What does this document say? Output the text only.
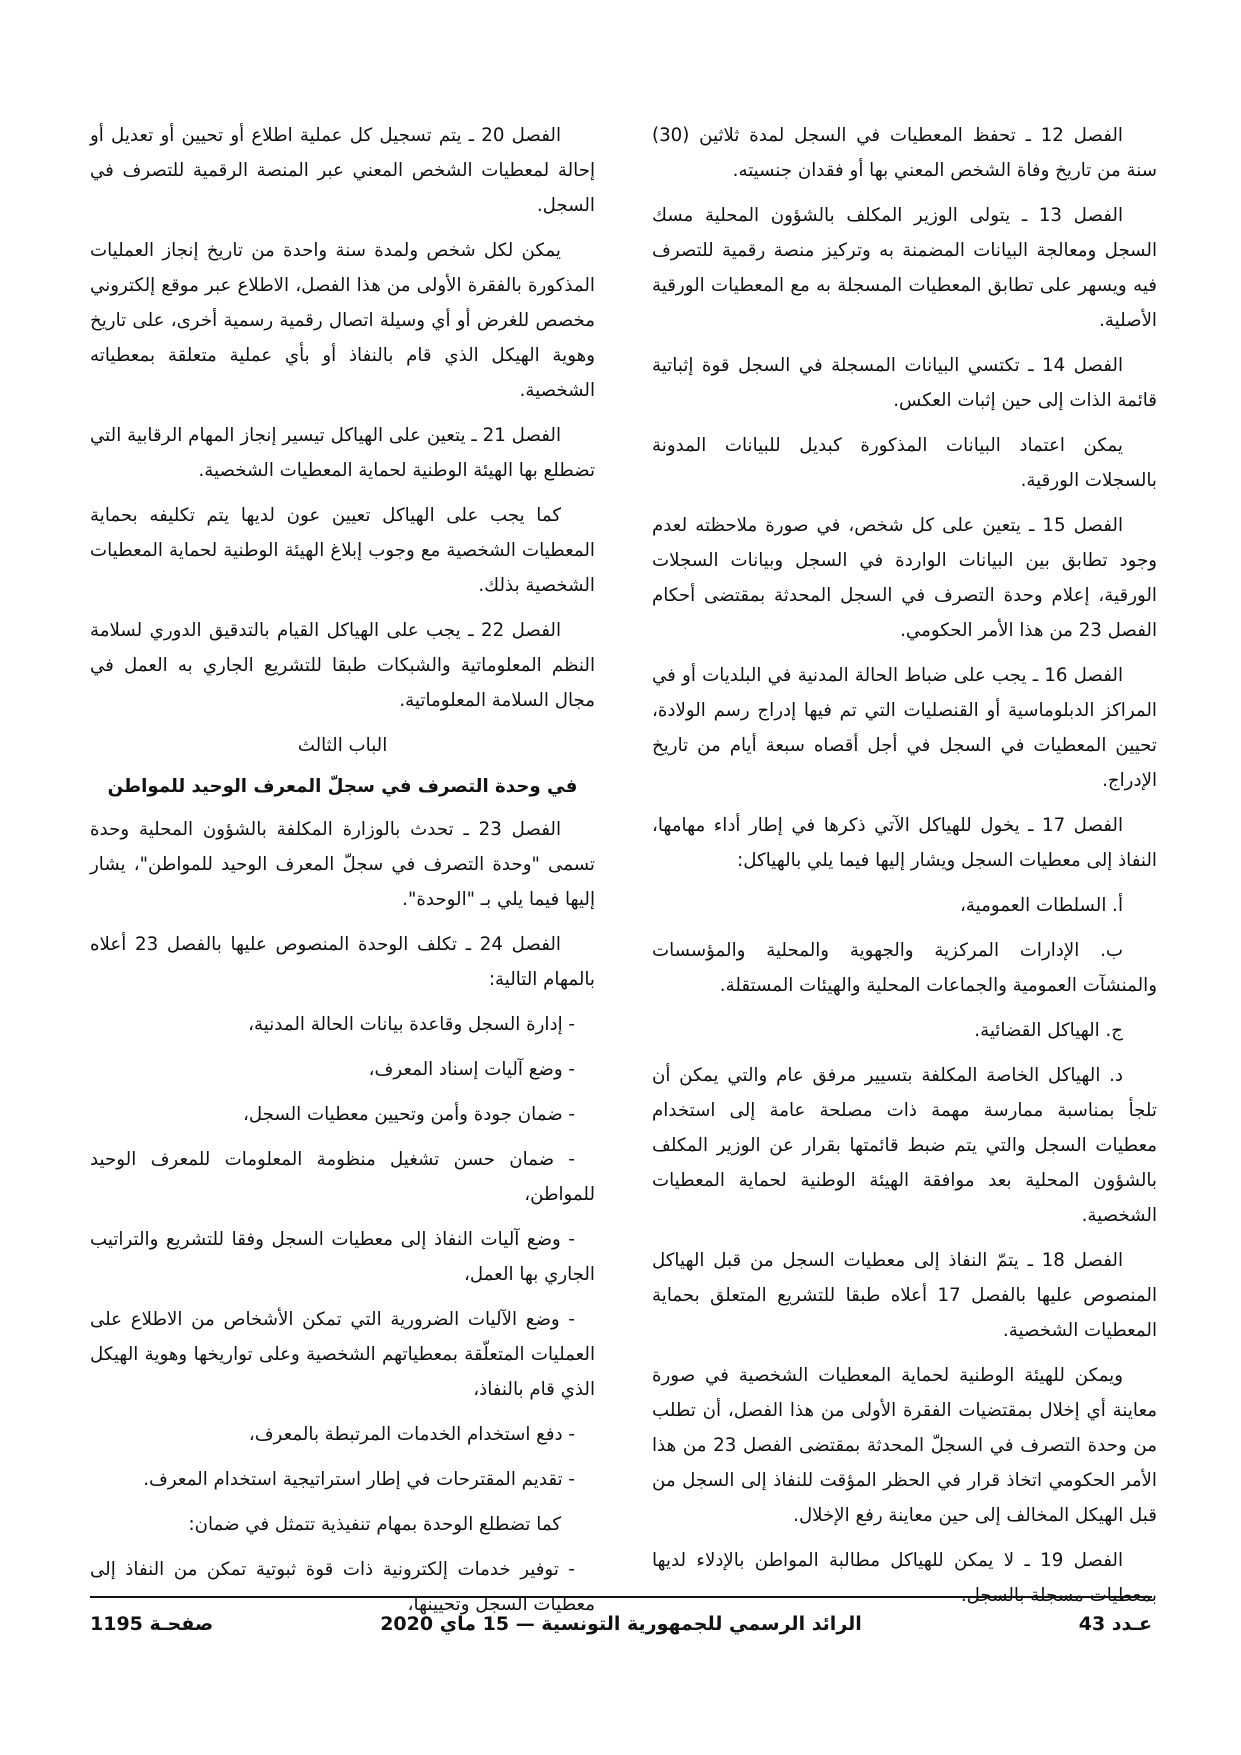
الفصل 12 ـ تحفظ المعطيات في السجل لمدة ثلاثين (30) سنة من تاريخ وفاة الشخص المعني بها أو فقدان جنسيته.

الفصل 13 ـ يتولى الوزير المكلف بالشؤون المحلية مسك السجل ومعالجة البيانات المضمنة به وتركيز منصة رقمية للتصرف فيه ويسهر على تطابق المعطيات المسجلة به مع المعطيات الورقية الأصلية.

الفصل 14 ـ تكتسي البيانات المسجلة في السجل قوة إثباتية قائمة الذات إلى حين إثبات العكس.

يمكن اعتماد البيانات المذكورة كبديل للبيانات المدونة بالسجلات الورقية.

الفصل 15 ـ يتعين على كل شخص، في صورة ملاحظته لعدم وجود تطابق بين البيانات الواردة في السجل وبيانات السجلات الورقية، إعلام وحدة التصرف في السجل المحدثة بمقتضى أحكام الفصل 23 من هذا الأمر الحكومي.

الفصل 16 ـ يجب على ضباط الحالة المدنية في البلديات أو في المراكز الدبلوماسية أو القنصليات التي تم فيها إدراج رسم الولادة، تحيين المعطيات في السجل في أجل أقصاه سبعة أيام من تاريخ الإدراج.

الفصل 17 ـ يخول للهياكل الآتي ذكرها في إطار أداء مهامها، النفاذ إلى معطيات السجل ويشار إليها فيما يلي بالهياكل:

أ. السلطات العمومية،

ب. الإدارات المركزية والجهوية والمحلية والمؤسسات والمنشآت العمومية والجماعات المحلية والهيئات المستقلة.

ج. الهياكل القضائية.

د. الهياكل الخاصة المكلفة بتسيير مرفق عام والتي يمكن أن تلجأ بمناسبة ممارسة مهمة ذات مصلحة عامة إلى استخدام معطيات السجل والتي يتم ضبط قائمتها بقرار عن الوزير المكلف بالشؤون المحلية بعد موافقة الهيئة الوطنية لحماية المعطيات الشخصية.

الفصل 18 ـ يتمّ النفاذ إلى معطيات السجل من قبل الهياكل المنصوص عليها بالفصل 17 أعلاه طبقا للتشريع المتعلق بحماية المعطيات الشخصية.

ويمكن للهيئة الوطنية لحماية المعطيات الشخصية في صورة معاينة أي إخلال بمقتضيات الفقرة الأولى من هذا الفصل، أن تطلب من وحدة التصرف في السجلّ المحدثة بمقتضى الفصل 23 من هذا الأمر الحكومي اتخاذ قرار في الحظر المؤقت للنفاذ إلى السجل من قبل الهيكل المخالف إلى حين معاينة رفع الإخلال.

الفصل 19 ـ لا يمكن للهياكل مطالبة المواطن بالإدلاء لديها بمعطيات مسجلة بالسجل.

الفصل 20 ـ يتم تسجيل كل عملية اطلاع أو تحيين أو تعديل أو إحالة لمعطيات الشخص المعني عبر المنصة الرقمية للتصرف في السجل.

يمكن لكل شخص ولمدة سنة واحدة من تاريخ إنجاز العمليات المذكورة بالفقرة الأولى من هذا الفصل، الاطلاع عبر موقع إلكتروني مخصص للغرض أو أي وسيلة اتصال رقمية رسمية أخرى، على تاريخ وهوية الهيكل الذي قام بالنفاذ أو بأي عملية متعلقة بمعطياته الشخصية.

الفصل 21 ـ يتعين على الهياكل تيسير إنجاز المهام الرقابية التي تضطلع بها الهيئة الوطنية لحماية المعطيات الشخصية.

كما يجب على الهياكل تعيين عون لديها يتم تكليفه بحماية المعطيات الشخصية مع وجوب إبلاغ الهيئة الوطنية لحماية المعطيات الشخصية بذلك.

الفصل 22 ـ يجب على الهياكل القيام بالتدقيق الدوري لسلامة النظم المعلوماتية والشبكات طبقا للتشريع الجاري به العمل في مجال السلامة المعلوماتية.

الباب الثالث

في وحدة التصرف في سجلّ المعرف الوحيد للمواطن

الفصل 23 ـ تحدث بالوزارة المكلفة بالشؤون المحلية وحدة تسمى "وحدة التصرف في سجلّ المعرف الوحيد للمواطن"، يشار إليها فيما يلي بـ "الوحدة".

الفصل 24 ـ تكلف الوحدة المنصوص عليها بالفصل 23 أعلاه بالمهام التالية:

- إدارة السجل وقاعدة بيانات الحالة المدنية،

- وضع آليات إسناد المعرف،

- ضمان جودة وأمن وتحيين معطيات السجل،

- ضمان حسن تشغيل منظومة المعلومات للمعرف الوحيد للمواطن،

- وضع آليات النفاذ إلى معطيات السجل وفقا للتشريع والتراتيب الجاري بها العمل،

- وضع الآليات الضرورية التي تمكن الأشخاص من الاطلاع على العمليات المتعلّقة بمعطياتهم الشخصية وعلى تواريخها وهوية الهيكل الذي قام بالنفاذ،

- دفع استخدام الخدمات المرتبطة بالمعرف،

- تقديم المقترحات في إطار استراتيجية استخدام المعرف.

كما تضطلع الوحدة بمهام تنفيذية تتمثل في ضمان:

- توفير خدمات إلكترونية ذات قوة ثبوتية تمكن من النفاذ إلى معطيات السجل وتحيينها،

عـدد 43
الرائد الرسمي للجمهورية التونسية — 15 ماي 2020
صفحـة 1195
